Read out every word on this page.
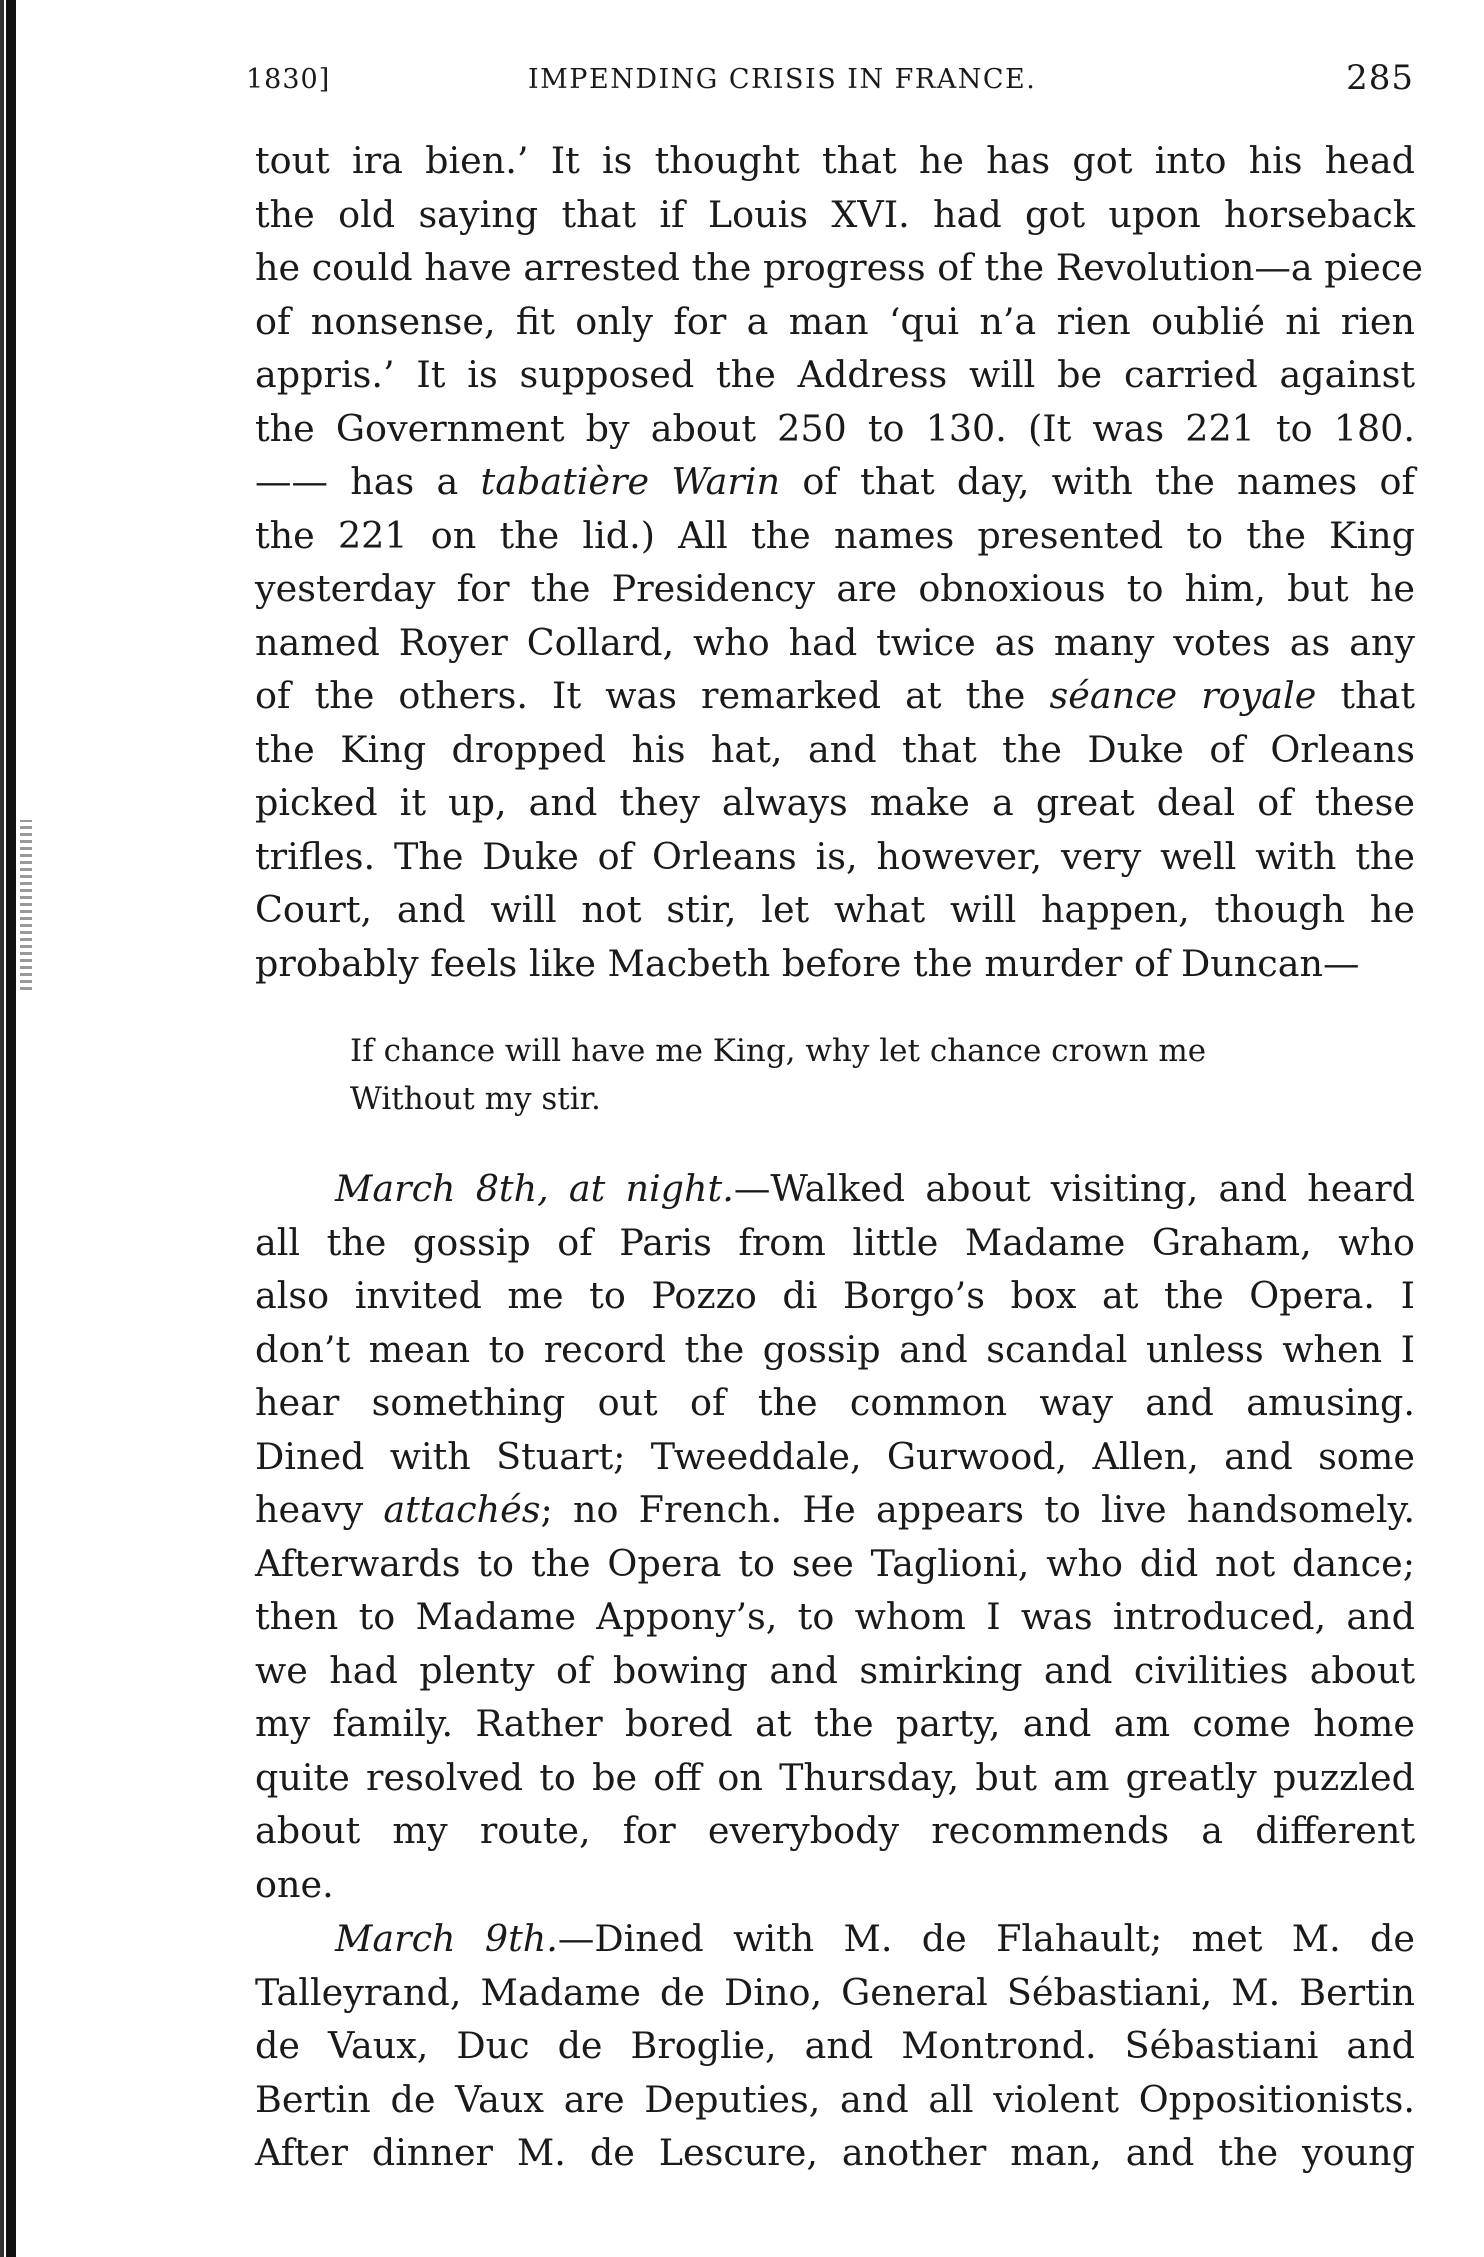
1830]	IMPENDING CRISIS IN FRANCE.	285
tout ira bien.’ It is thought that he has got into his head
the old saying that if Louis XVI. had got upon horseback
he could have arrested the progress of the Revolution—a piece
of nonsense, fit only for a man ‘qui n’a rien oublié ni rien
appris.’ It is supposed the Address will be carried against
the Government by about 250 to 130. (It was 221 to 180.
—— has a tabatière Warin of that day, with the names of
the 221 on the lid.) All the names presented to the King
yesterday for the Presidency are obnoxious to him, but he
named Royer Collard, who had twice as many votes as any
of the others. It was remarked at the séance royale that
the King dropped his hat, and that the Duke of Orleans
picked it up, and they always make a great deal of these
trifles. The Duke of Orleans is, however, very well with the
Court, and will not stir, let what will happen, though he
probably feels like Macbeth before the murder of Duncan—
If chance will have me King, why let chance crown me
Without my stir.
March 8th, at night.—Walked about visiting, and heard
all the gossip of Paris from little Madame Graham, who
also invited me to Pozzo di Borgo’s box at the Opera. I
don’t mean to record the gossip and scandal unless when I
hear something out of the common way and amusing.
Dined with Stuart; Tweeddale, Gurwood, Allen, and some
heavy attachés; no French. He appears to live handsomely.
Afterwards to the Opera to see Taglioni, who did not dance;
then to Madame Appony’s, to whom I was introduced, and
we had plenty of bowing and smirking and civilities about
my family. Rather bored at the party, and am come home
quite resolved to be off on Thursday, but am greatly puzzled
about my route, for everybody recommends a different
one.
March 9th.—Dined with M. de Flahault; met M. de
Talleyrand, Madame de Dino, General Sébastiani, M. Bertin
de Vaux, Duc de Broglie, and Montrond. Sébastiani and
Bertin de Vaux are Deputies, and all violent Oppositionists.
After dinner M. de Lescure, another man, and the young
